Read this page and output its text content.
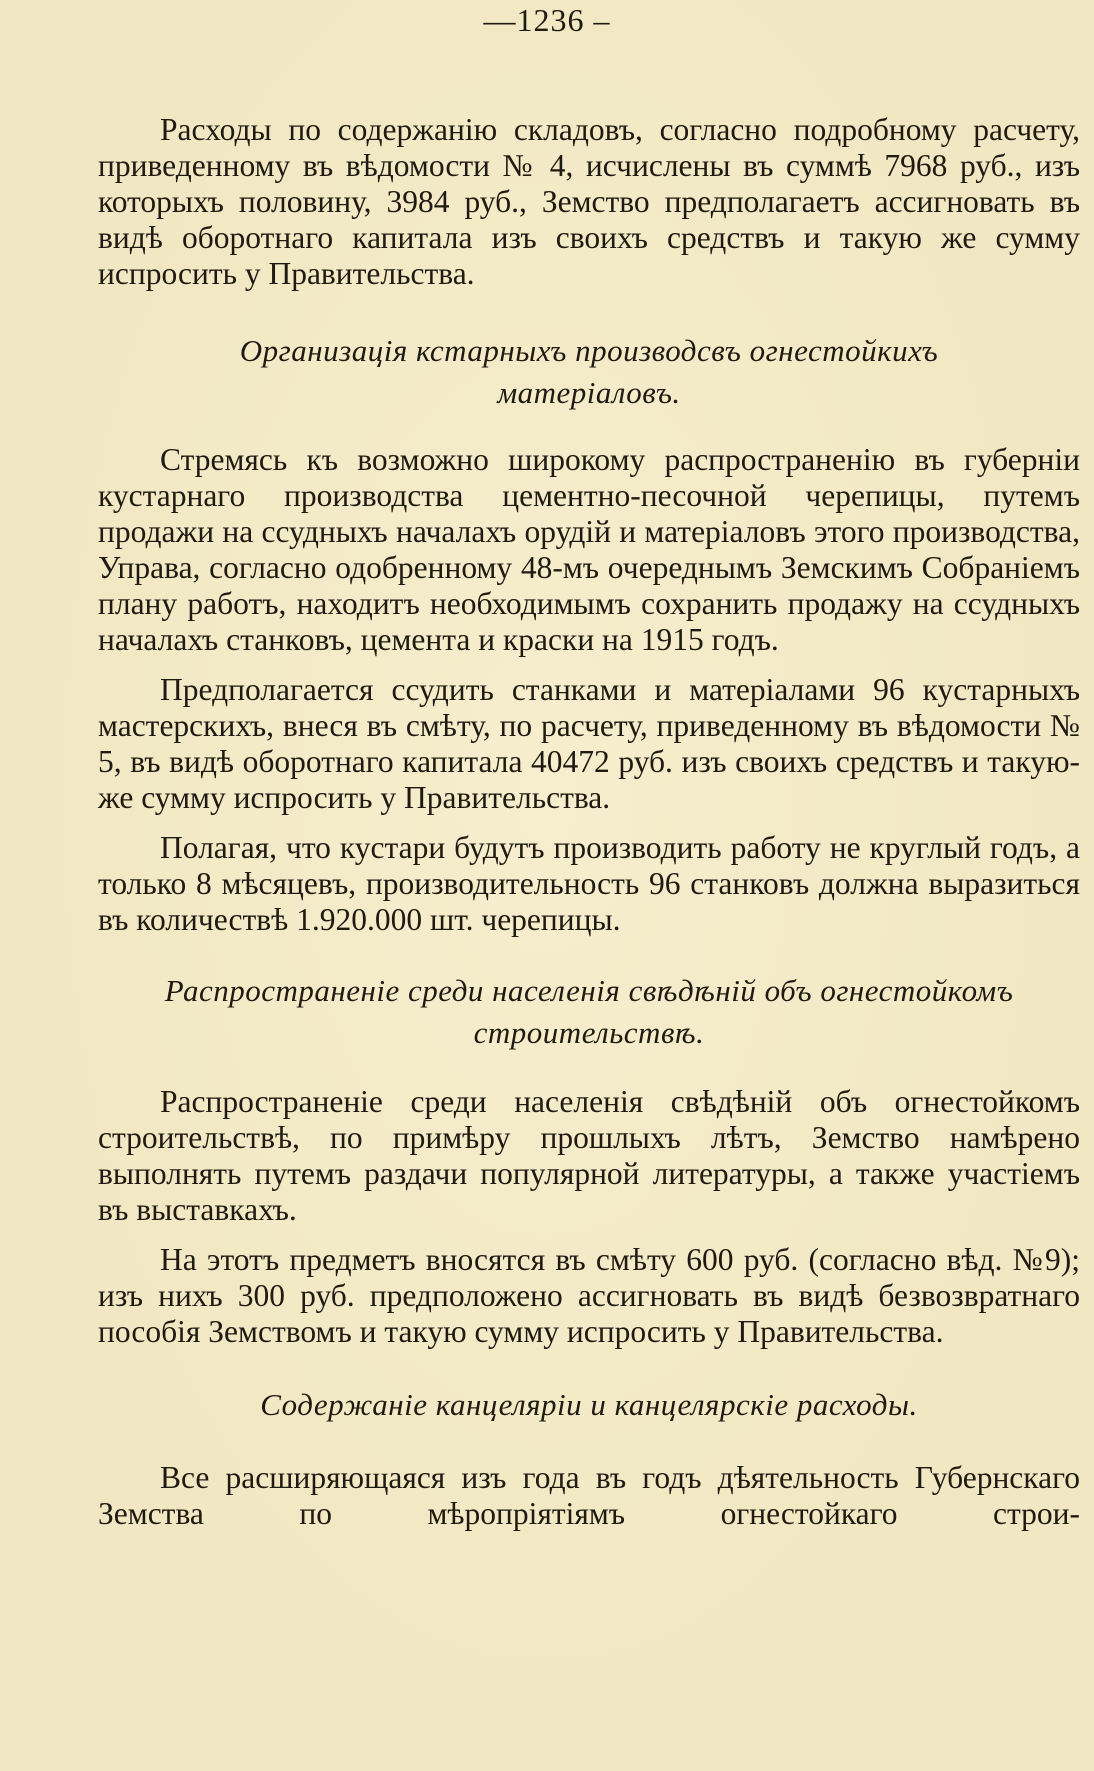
—1236 –

Расходы по содержанію складовъ, согласно подробному расчету, приведенному въ вѣдомости № 4, исчислены въ суммѣ 7968 руб., изъ которыхъ половину, 3984 руб., Земство предполагаетъ ассигновать въ видѣ оборотнаго капитала изъ своихъ средствъ и такую же сумму испросить у Правительства.

Организація кстарныхъ производсвъ огнестойкихъ матеріаловъ.

Стремясь къ возможно широкому распространенію въ губерніи кустарнаго производства цементно-песочной черепицы, путемъ продажи на ссудныхъ началахъ орудій и матеріаловъ этого производства, Управа, согласно одобренному 48-мъ очереднымъ Земскимъ Собраніемъ плану работъ, находитъ необходимымъ сохранить продажу на ссудныхъ началахъ станковъ, цемента и краски на 1915 годъ.

Предполагается ссудить станками и матеріалами 96 кустарныхъ мастерскихъ, внеся въ смѣту, по расчету, приведенному въ вѣдомости № 5, въ видѣ оборотнаго капитала 40472 руб. изъ своихъ средствъ и такую-же сумму испросить у Правительства.

Полагая, что кустари будутъ производить работу не круглый годъ, а только 8 мѣсяцевъ, производительность 96 станковъ должна выразиться въ количествѣ 1.920.000 шт. черепицы.

Распространеніе среди населенія свѣдѣній объ огнестойкомъ строительствѣ.

Распространеніе среди населенія свѣдѣній объ огнестойкомъ строительствѣ, по примѣру прошлыхъ лѣтъ, Земство намѣрено выполнять путемъ раздачи популярной литературы, а также участіемъ въ выставкахъ.

На этотъ предметъ вносятся въ смѣту 600 руб. (согласно вѣд. №9); изъ нихъ 300 руб. предположено ассигновать въ видѣ безвозвратнаго пособія Земствомъ и такую сумму испросить у Правительства.

Содержаніе канцеляріи и канцелярскіе расходы.

Все расширяющаяся изъ года въ годъ дѣятельность Губернскаго Земства по мѣропріятіямъ огнестойкаго строи-
